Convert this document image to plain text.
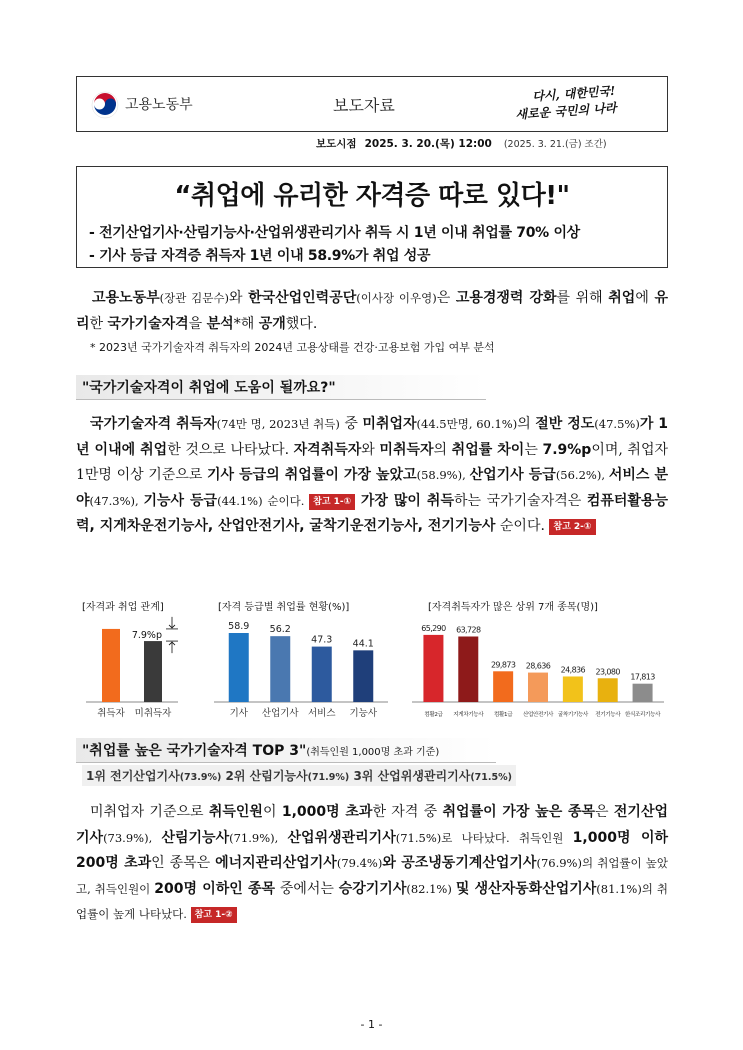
고용노동부	보도자료
다시, 대한민국!
새로운 국민의 나라
보도시점 2025. 3. 20.(목) 12:00 (2025. 3. 21.(금) 조간)
“취업에 유리한 자격증 따로 있다!"
- 전기산업기사·산림기능사·산업위생관리기사 취득 시 1년 이내 취업률 70% 이상
- 기사 등급 자격증 취득자 1년 이내 58.9%가 취업 성공
고용노동부(장관 김문수)와 한국산업인력공단(이사장 이우영)은 고용경쟁력 강화를 위해 취업에 유리한 국가기술자격을 분석*해 공개했다.
* 2023년 국가기술자격 취득자의 2024년 고용상태를 건강·고용보험 가입 여부 분석
"국가기술자격이 취업에 도움이 될까요?"
국가기술자격 취득자(74만 명, 2023년 취득) 중 미취업자(44.5만명, 60.1%)의 절반 정도(47.5%)가 1년 이내에 취업한 것으로 나타났다. 자격취득자와 미취득자의 취업률 차이는 7.9%p이며, 취업자 1만명 이상 기준으로 기사 등급의 취업률이 가장 높았고(58.9%), 산업기사 등급(56.2%), 서비스 분야(47.3%), 기능사 등급(44.1%) 순이다. 참고 1-① 가장 많이 취득하는 국가기술자격은 컴퓨터활용능력, 지게차운전기능사, 산업안전기사, 굴착기운전기능사, 전기기능사 순이다. 참고 2-①
[자격과 취업 관계]	[자격 등급별 취업률 현황(%)]	[자격취득자가 많은 상위 7개 종목(명)]
취득자 미취득자
7.9%p
58.9
기사
56.2
산업기사
47.3
서비스
44.1
기능사
65,290
컴활2급
63,728
지게차기능사
29,873
컴활1급
28,636
산업안전기사
24,836
굴착기기능사
23,080
전기기능사
17,813
한식조리기능사
"취업률 높은 국가기술자격 TOP 3"(취득인원 1,000명 초과 기준)
1위 전기산업기사(73.9%) 2위 산림기능사(71.9%) 3위 산업위생관리기사(71.5%)
미취업자 기준으로 취득인원이 1,000명 초과한 자격 중 취업률이 가장 높은 종목은 전기산업기사(73.9%), 산림기능사(71.9%), 산업위생관리기사(71.5%)로 나타났다. 취득인원 1,000명 이하 200명 초과인 종목은 에너지관리산업기사(79.4%)와 공조냉동기계산업기사(76.9%)의 취업률이 높았고, 취득인원이 200명 이하인 종목 중에서는 승강기기사(82.1%) 및 생산자동화산업기사(81.1%)의 취업률이 높게 나타났다. 참고 1-②
- 1 -
